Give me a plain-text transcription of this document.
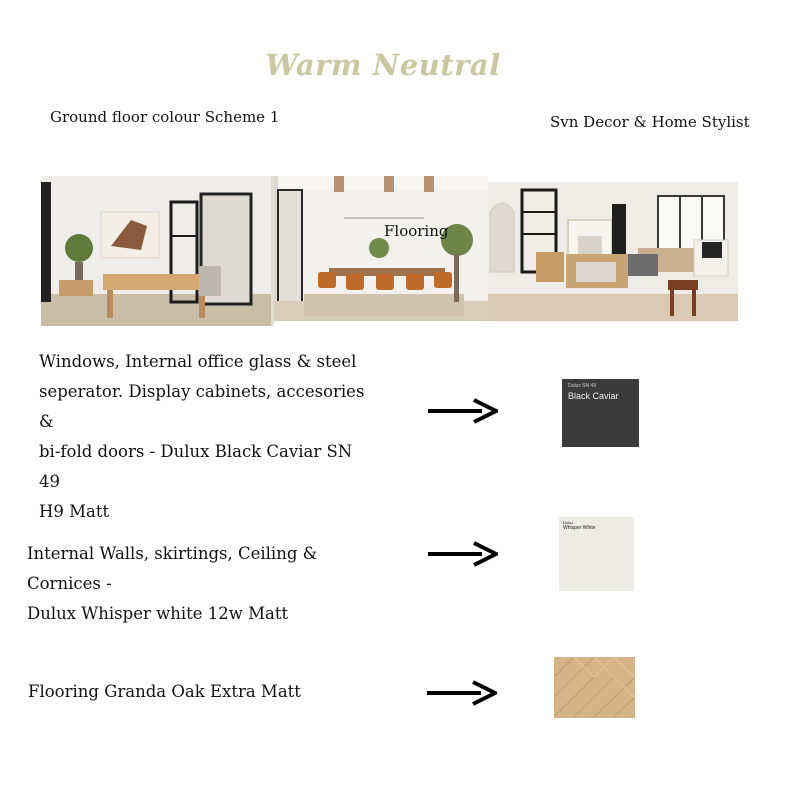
Warm Neutral
Ground floor colour Scheme 1	Svn Decor & Home Stylist
Flooring
Windows, Internal office glass & steel
seperator. Display cabinets, accesories &
bi-fold doors - Dulux Black Caviar SN 49
H9 Matt
Dulux SN 49
Black Caviar
Internal Walls, skirtings, Ceiling & Cornices -
Dulux Whisper white 12w Matt
Dulux
Whisper White
Flooring Granda Oak Extra Matt
